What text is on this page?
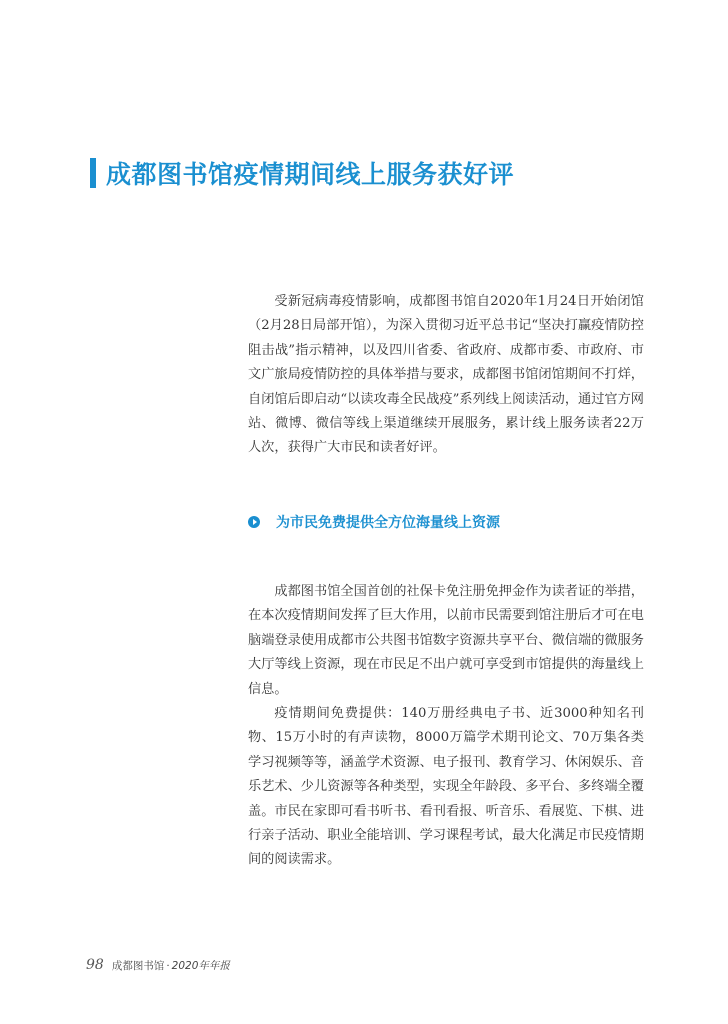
成都图书馆疫情期间线上服务获好评

受新冠病毒疫情影响，成都图书馆自2020年1月24日开始闭馆（2月28日局部开馆），为深入贯彻习近平总书记“坚决打赢疫情防控阻击战”指示精神，以及四川省委、省政府、成都市委、市政府、市文广旅局疫情防控的具体举措与要求，成都图书馆闭馆期间不打烊，自闭馆后即启动“以读攻毒全民战疫”系列线上阅读活动，通过官方网站、微博、微信等线上渠道继续开展服务，累计线上服务读者22万人次，获得广大市民和读者好评。

为市民免费提供全方位海量线上资源

成都图书馆全国首创的社保卡免注册免押金作为读者证的举措，在本次疫情期间发挥了巨大作用，以前市民需要到馆注册后才可在电脑端登录使用成都市公共图书馆数字资源共享平台、微信端的微服务大厅等线上资源，现在市民足不出户就可享受到市馆提供的海量线上信息。

疫情期间免费提供：140万册经典电子书、近3000种知名刊物、15万小时的有声读物，8000万篇学术期刊论文、70万集各类学习视频等等，涵盖学术资源、电子报刊、教育学习、休闲娱乐、音乐艺术、少儿资源等各种类型，实现全年龄段、多平台、多终端全覆盖。市民在家即可看书听书、看刊看报、听音乐、看展览、下棋、进行亲子活动、职业全能培训、学习课程考试，最大化满足市民疫情期间的阅读需求。

98 成都图书馆 · 2020年年报
